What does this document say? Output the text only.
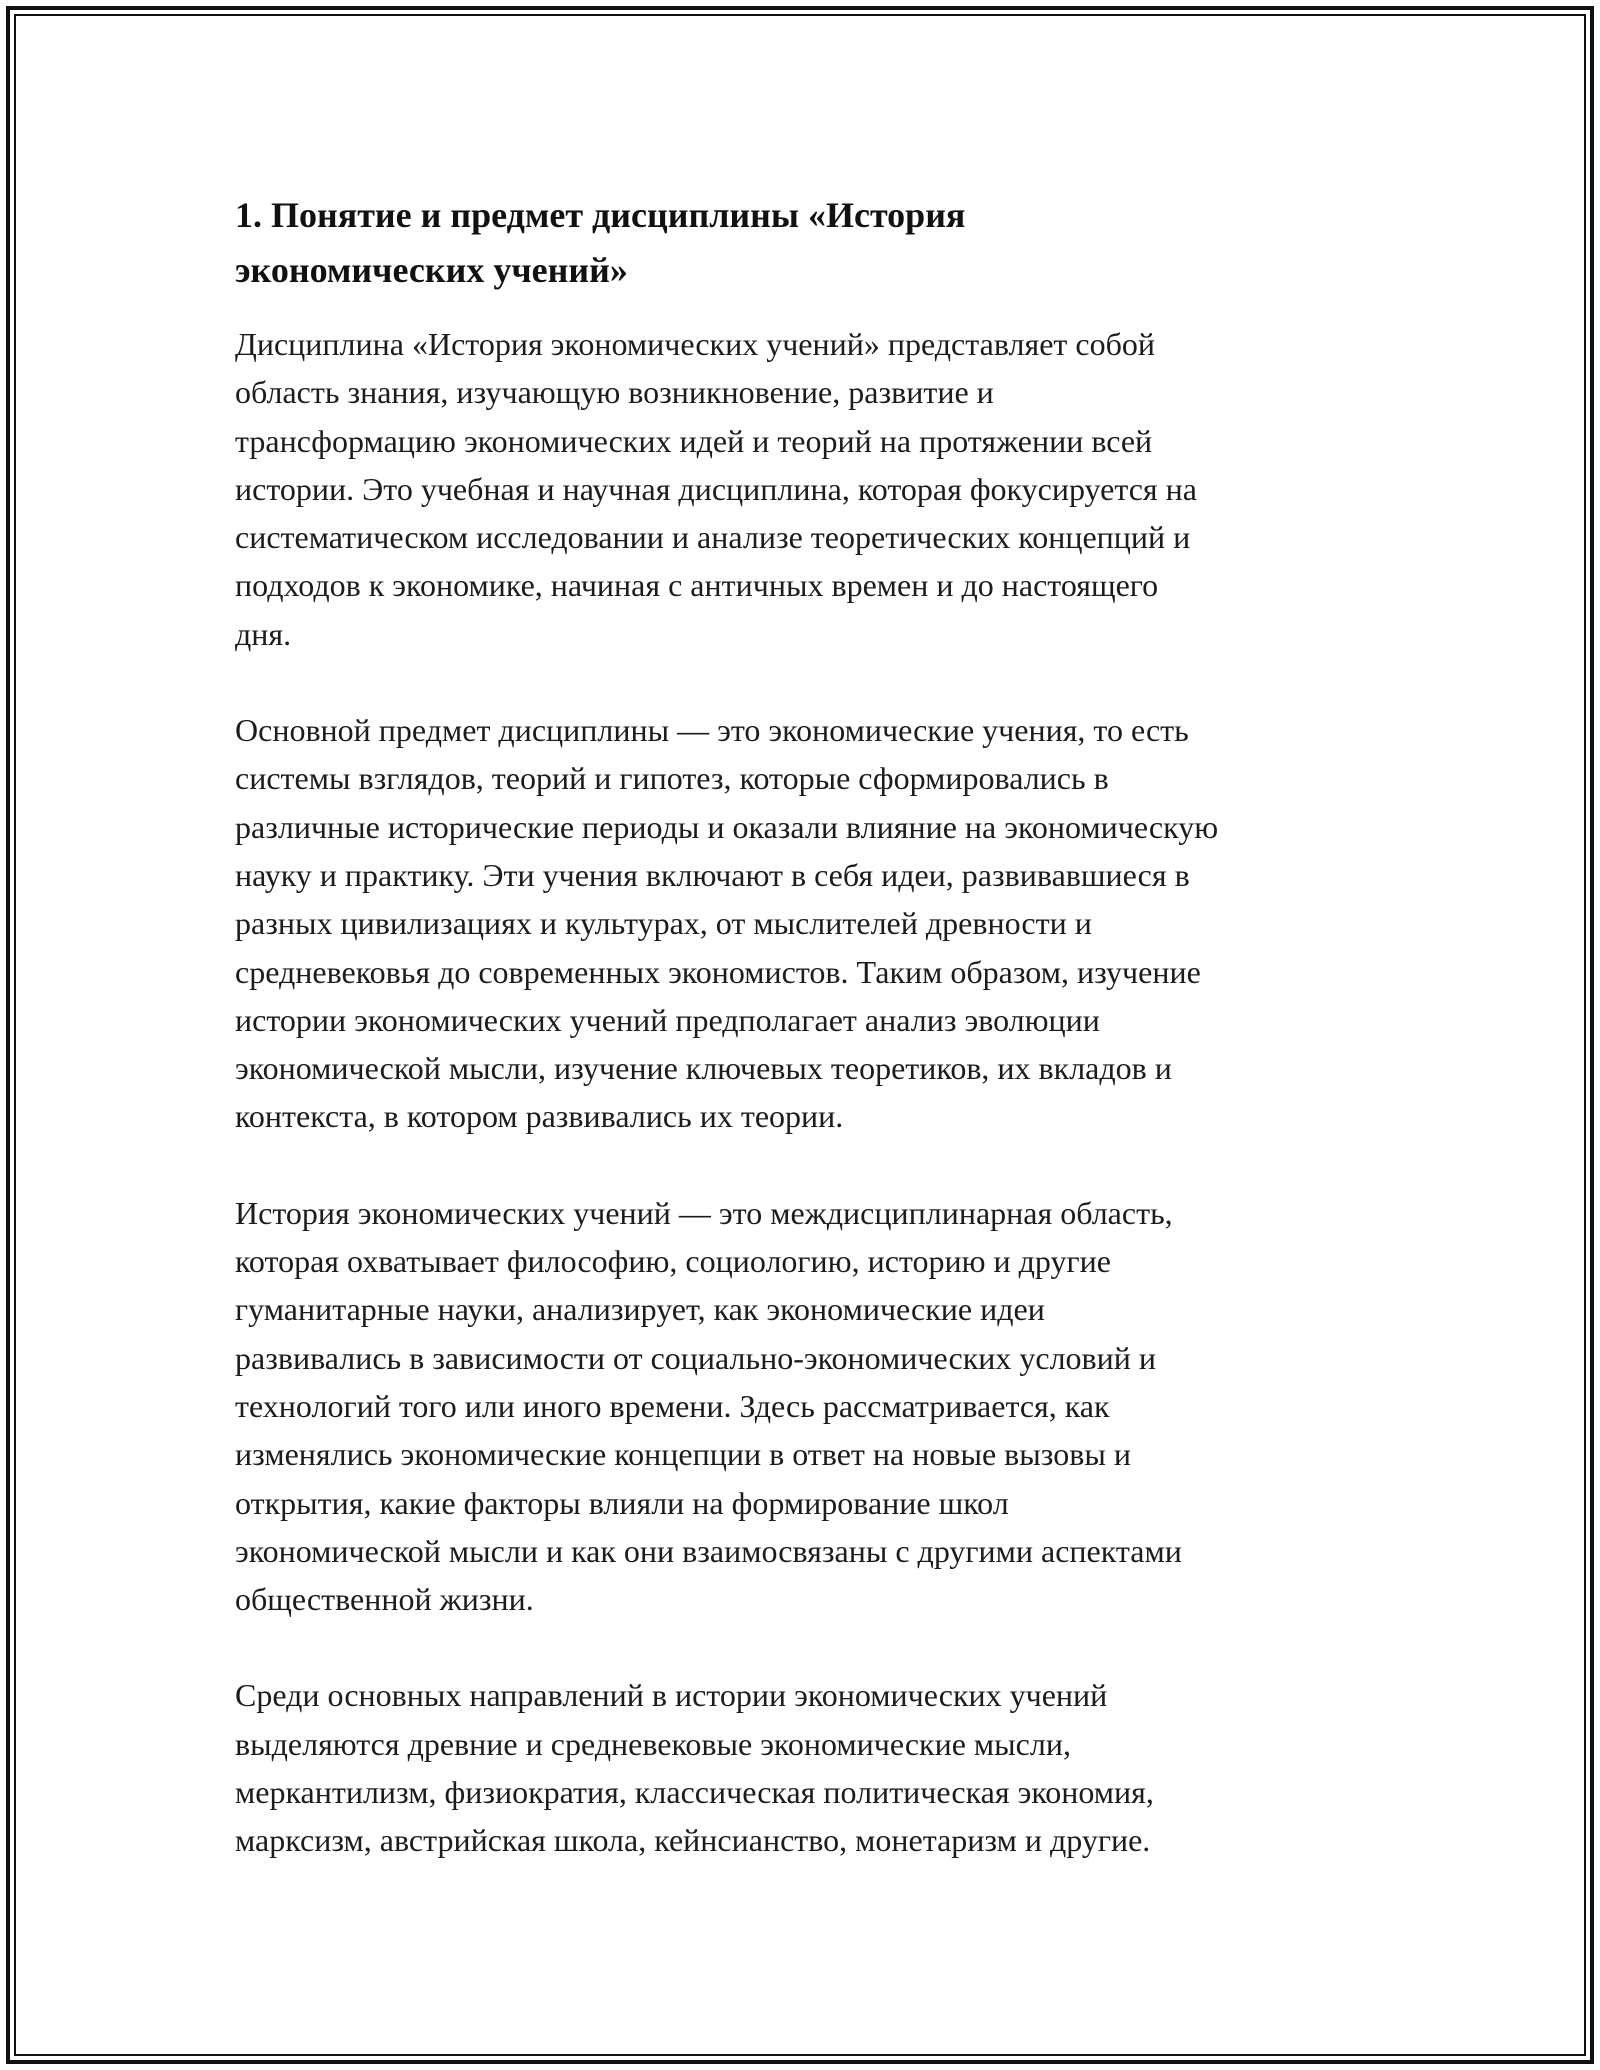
1. Понятие и предмет дисциплины «История экономических учений»

Дисциплина «История экономических учений» представляет собой
область знания, изучающую возникновение, развитие и
трансформацию экономических идей и теорий на протяжении всей
истории. Это учебная и научная дисциплина, которая фокусируется на
систематическом исследовании и анализе теоретических концепций и
подходов к экономике, начиная с античных времен и до настоящего
дня.

Основной предмет дисциплины — это экономические учения, то есть
системы взглядов, теорий и гипотез, которые сформировались в
различные исторические периоды и оказали влияние на экономическую
науку и практику. Эти учения включают в себя идеи, развивавшиеся в
разных цивилизациях и культурах, от мыслителей древности и
средневековья до современных экономистов. Таким образом, изучение
истории экономических учений предполагает анализ эволюции
экономической мысли, изучение ключевых теоретиков, их вкладов и
контекста, в котором развивались их теории.

История экономических учений — это междисциплинарная область,
которая охватывает философию, социологию, историю и другие
гуманитарные науки, анализирует, как экономические идеи
развивались в зависимости от социально-экономических условий и
технологий того или иного времени. Здесь рассматривается, как
изменялись экономические концепции в ответ на новые вызовы и
открытия, какие факторы влияли на формирование школ
экономической мысли и как они взаимосвязаны с другими аспектами
общественной жизни.

Среди основных направлений в истории экономических учений
выделяются древние и средневековые экономические мысли,
меркантилизм, физиократия, классическая политическая экономия,
марксизм, австрийская школа, кейнсианство, монетаризм и другие.
